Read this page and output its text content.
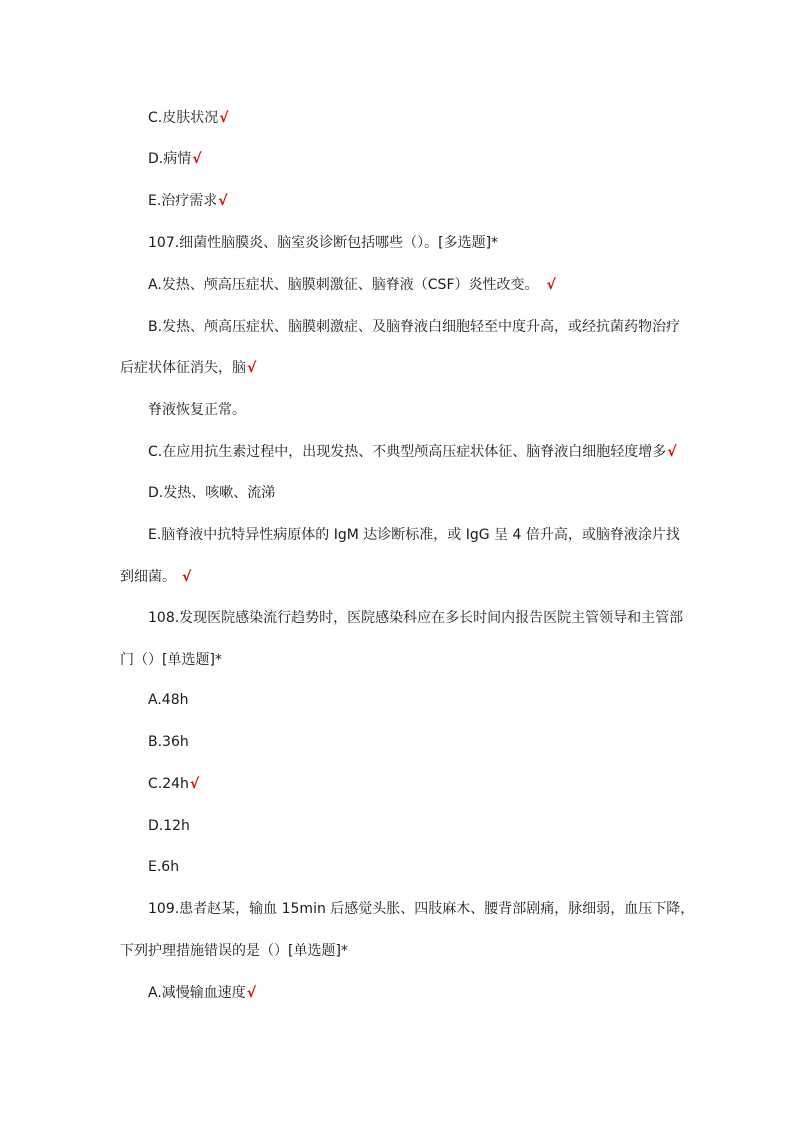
C.皮肤状况√
D.病情√
E.治疗需求√
107.细菌性脑膜炎、脑室炎诊断包括哪些（）。[多选题]*
A.发热、颅高压症状、脑膜刺激征、脑脊液（CSF）炎性改变。 √
B.发热、颅高压症状、脑膜刺激症、及脑脊液白细胞轻至中度升高，或经抗菌药物治疗
后症状体征消失，脑√
脊液恢复正常。
C.在应用抗生素过程中，出现发热、不典型颅高压症状体征、脑脊液白细胞轻度增多√
D.发热、咳嗽、流涕
E.脑脊液中抗特异性病原体的 IgM 达诊断标准，或 IgG 呈 4 倍升高，或脑脊液涂片找
到细菌。 √
108.发现医院感染流行趋势时，医院感染科应在多长时间内报告医院主管领导和主管部
门（）[单选题]*
A.48h
B.36h
C.24h√
D.12h
E.6h
109.患者赵某，输血 15min 后感觉头胀、四肢麻木、腰背部剧痛，脉细弱，血压下降，
下列护理措施错误的是（）[单选题]*
A.减慢输血速度√
